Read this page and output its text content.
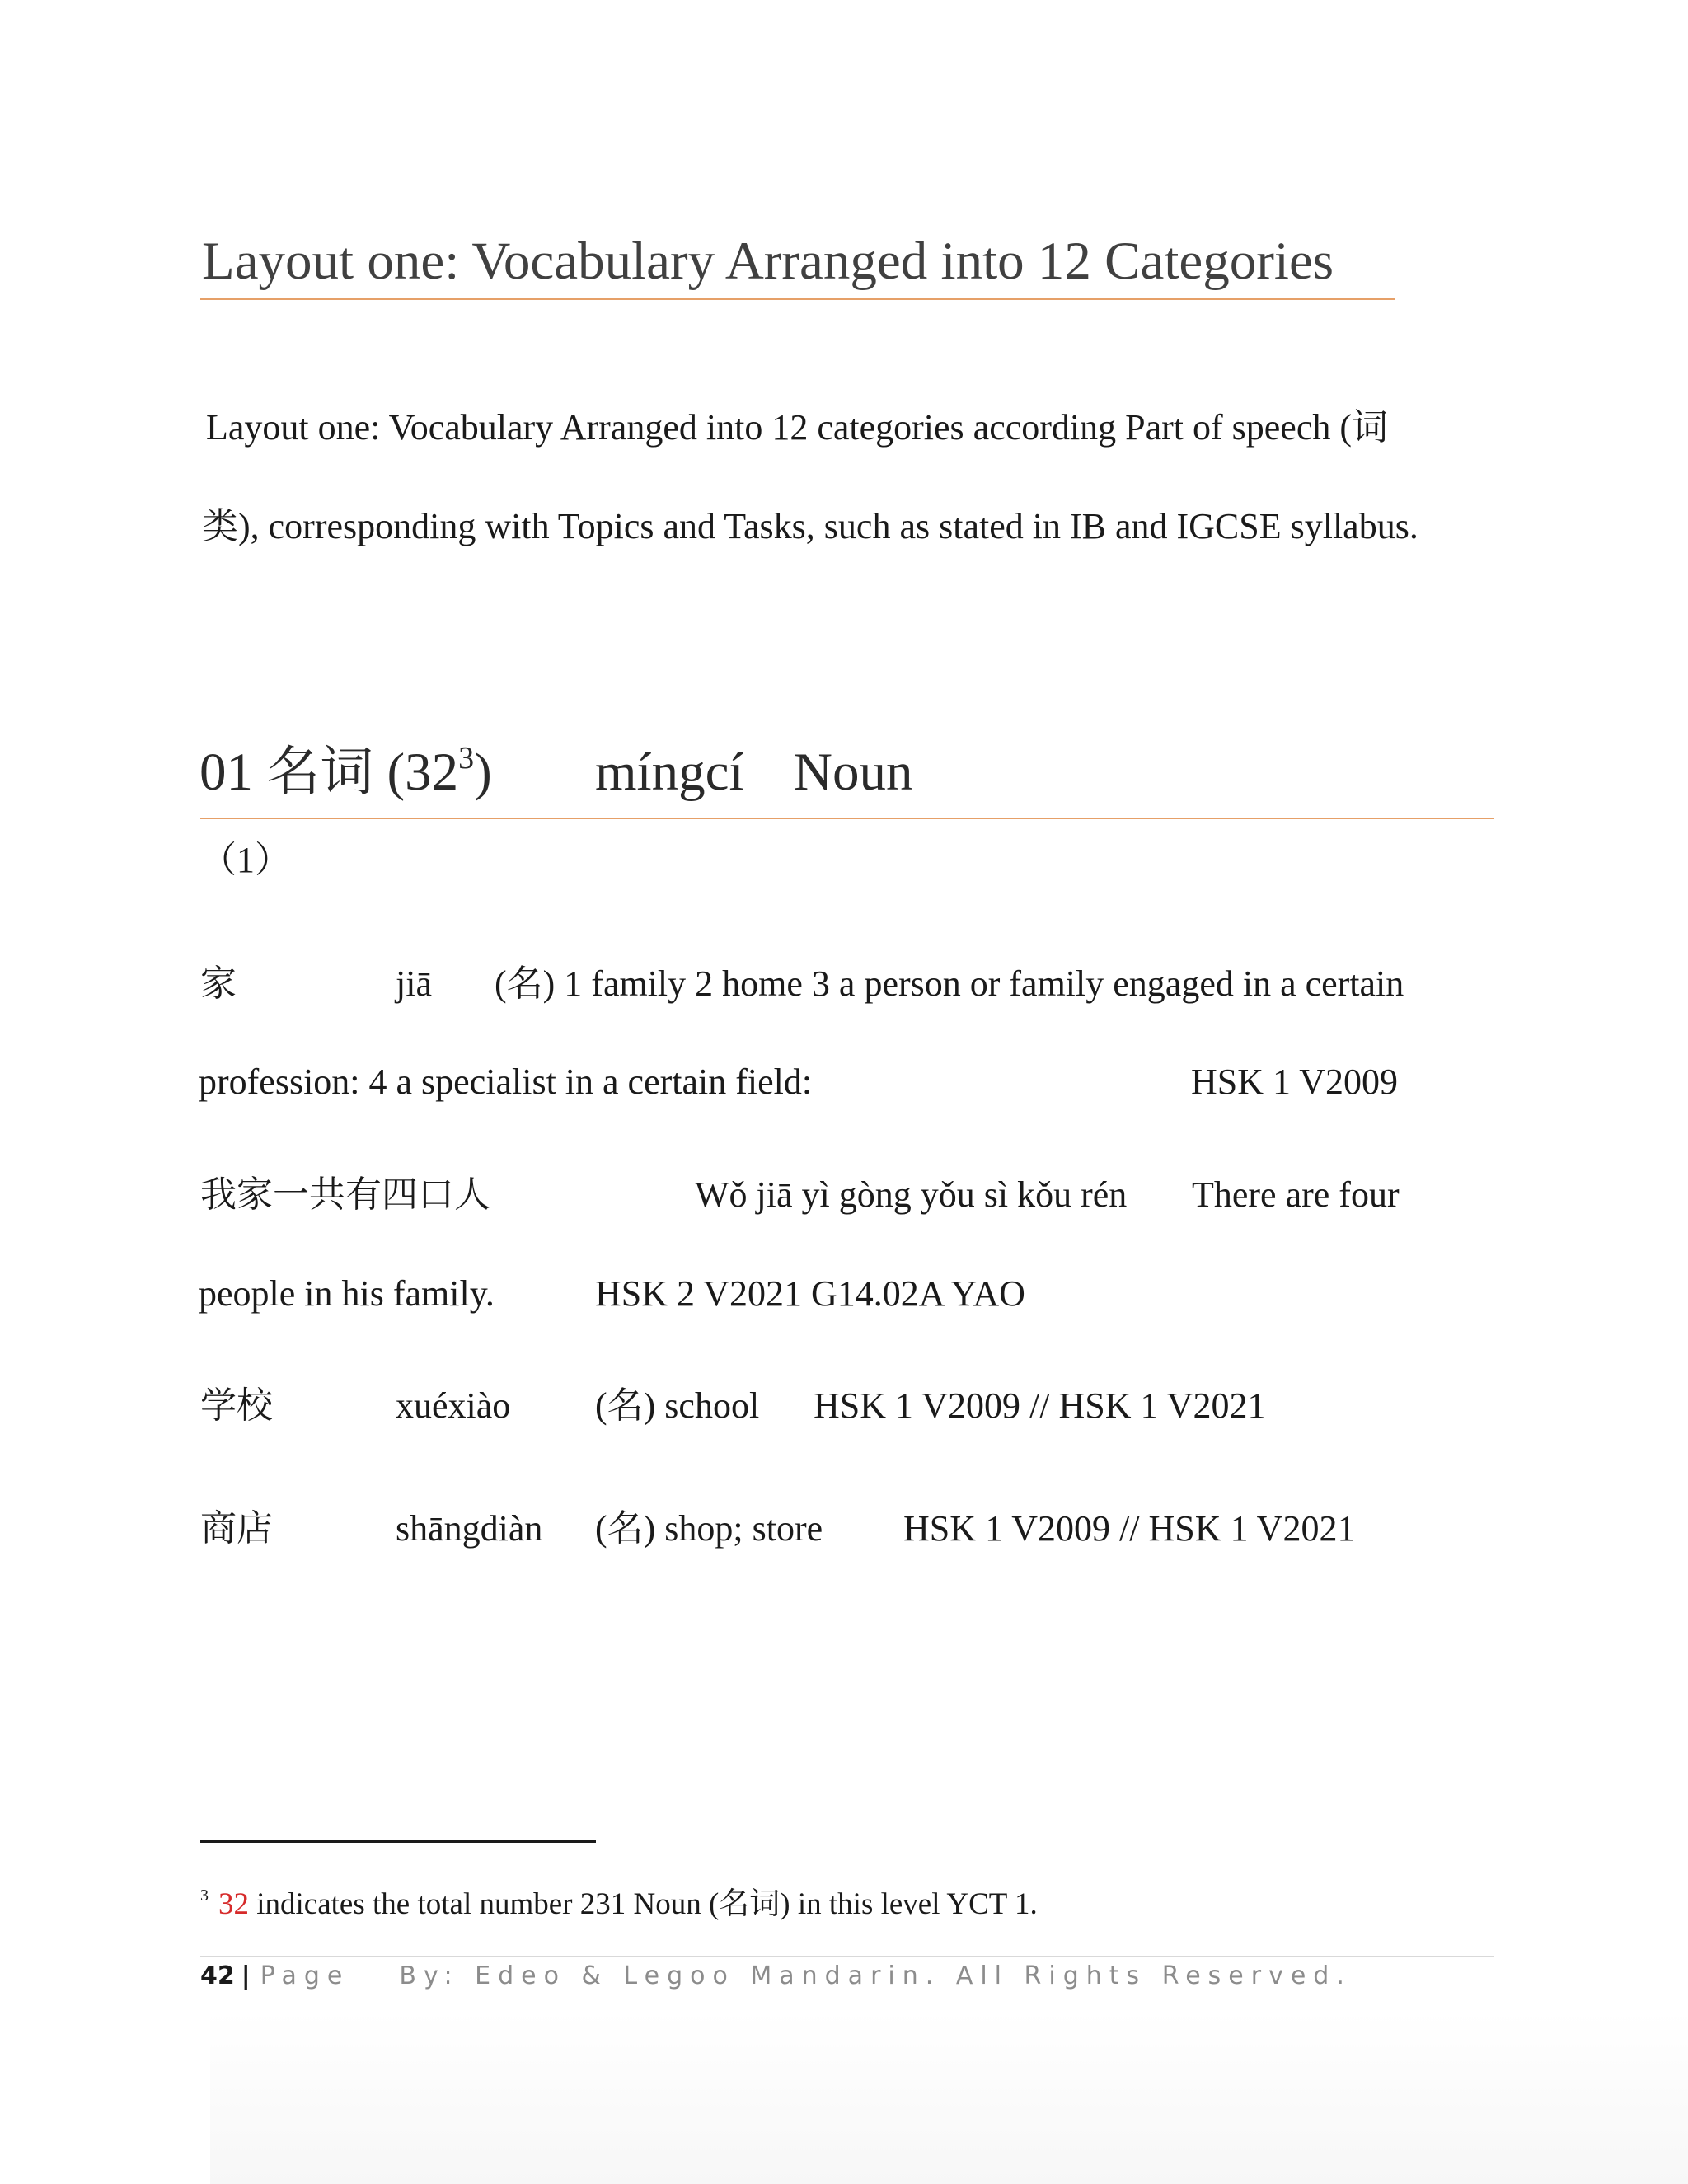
Layout one: Vocabulary Arranged into 12 Categories
Layout one: Vocabulary Arranged into 12 categories according Part of speech (词
类), corresponding with Topics and Tasks, such as stated in IB and IGCSE syllabus.
01 名词 $(32^3)$ míngcí Noun
（1）
家	jiā (名) 1 family 2 home 3 a person or family engaged in a certain
profession: 4 a specialist in a certain field:	HSK 1 V2009
我家一共有四口人	Wǒ jiā yì gòng yǒu sì kǒu rén There are four
people in his family.	HSK 2 V2021 G14.02A YAO
学校	xuéxiào (名) school HSK 1 V2009 // HSK 1 V2021
商店	shāngdiàn (名) shop; store HSK 1 V2009 // HSK 1 V2021
$^3$ 32 indicates the total number 231 Noun (名词) in this level YCT 1.
42 | Page By: Edeo & Legoo Mandarin. All Rights Reserved.
